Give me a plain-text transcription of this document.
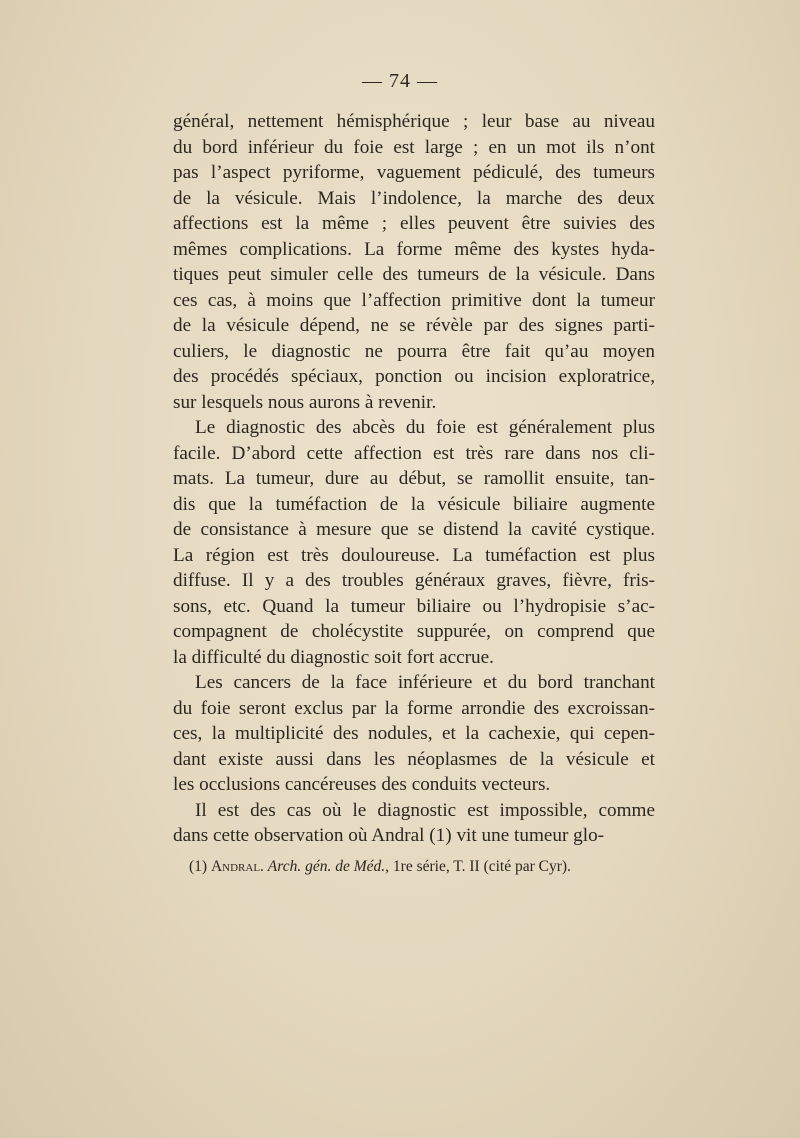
— 74 —
général, nettement hémisphérique ; leur base au niveau
du bord inférieur du foie est large ; en un mot ils n’ont
pas l’aspect pyriforme, vaguement pédiculé, des tumeurs
de la vésicule. Mais l’indolence, la marche des deux
affections est la même ; elles peuvent être suivies des
mêmes complications. La forme même des kystes hyda-
tiques peut simuler celle des tumeurs de la vésicule. Dans
ces cas, à moins que l’affection primitive dont la tumeur
de la vésicule dépend, ne se révèle par des signes parti-
culiers, le diagnostic ne pourra être fait qu’au moyen
des procédés spéciaux, ponction ou incision exploratrice,
sur lesquels nous aurons à revenir.
Le diagnostic des abcès du foie est généralement plus
facile. D’abord cette affection est très rare dans nos cli-
mats. La tumeur, dure au début, se ramollit ensuite, tan-
dis que la tuméfaction de la vésicule biliaire augmente
de consistance à mesure que se distend la cavité cystique.
La région est très douloureuse. La tuméfaction est plus
diffuse. Il y a des troubles généraux graves, fièvre, fris-
sons, etc. Quand la tumeur biliaire ou l’hydropisie s’ac-
compagnent de cholécystite suppurée, on comprend que
la difficulté du diagnostic soit fort accrue.
Les cancers de la face inférieure et du bord tranchant
du foie seront exclus par la forme arrondie des excroissan-
ces, la multiplicité des nodules, et la cachexie, qui cepen-
dant existe aussi dans les néoplasmes de la vésicule et
les occlusions cancéreuses des conduits vecteurs.
Il est des cas où le diagnostic est impossible, comme
dans cette observation où Andral (1) vit une tumeur glo-
(1) Andral. Arch. gén. de Méd., 1re série, T. II (cité par Cyr).
